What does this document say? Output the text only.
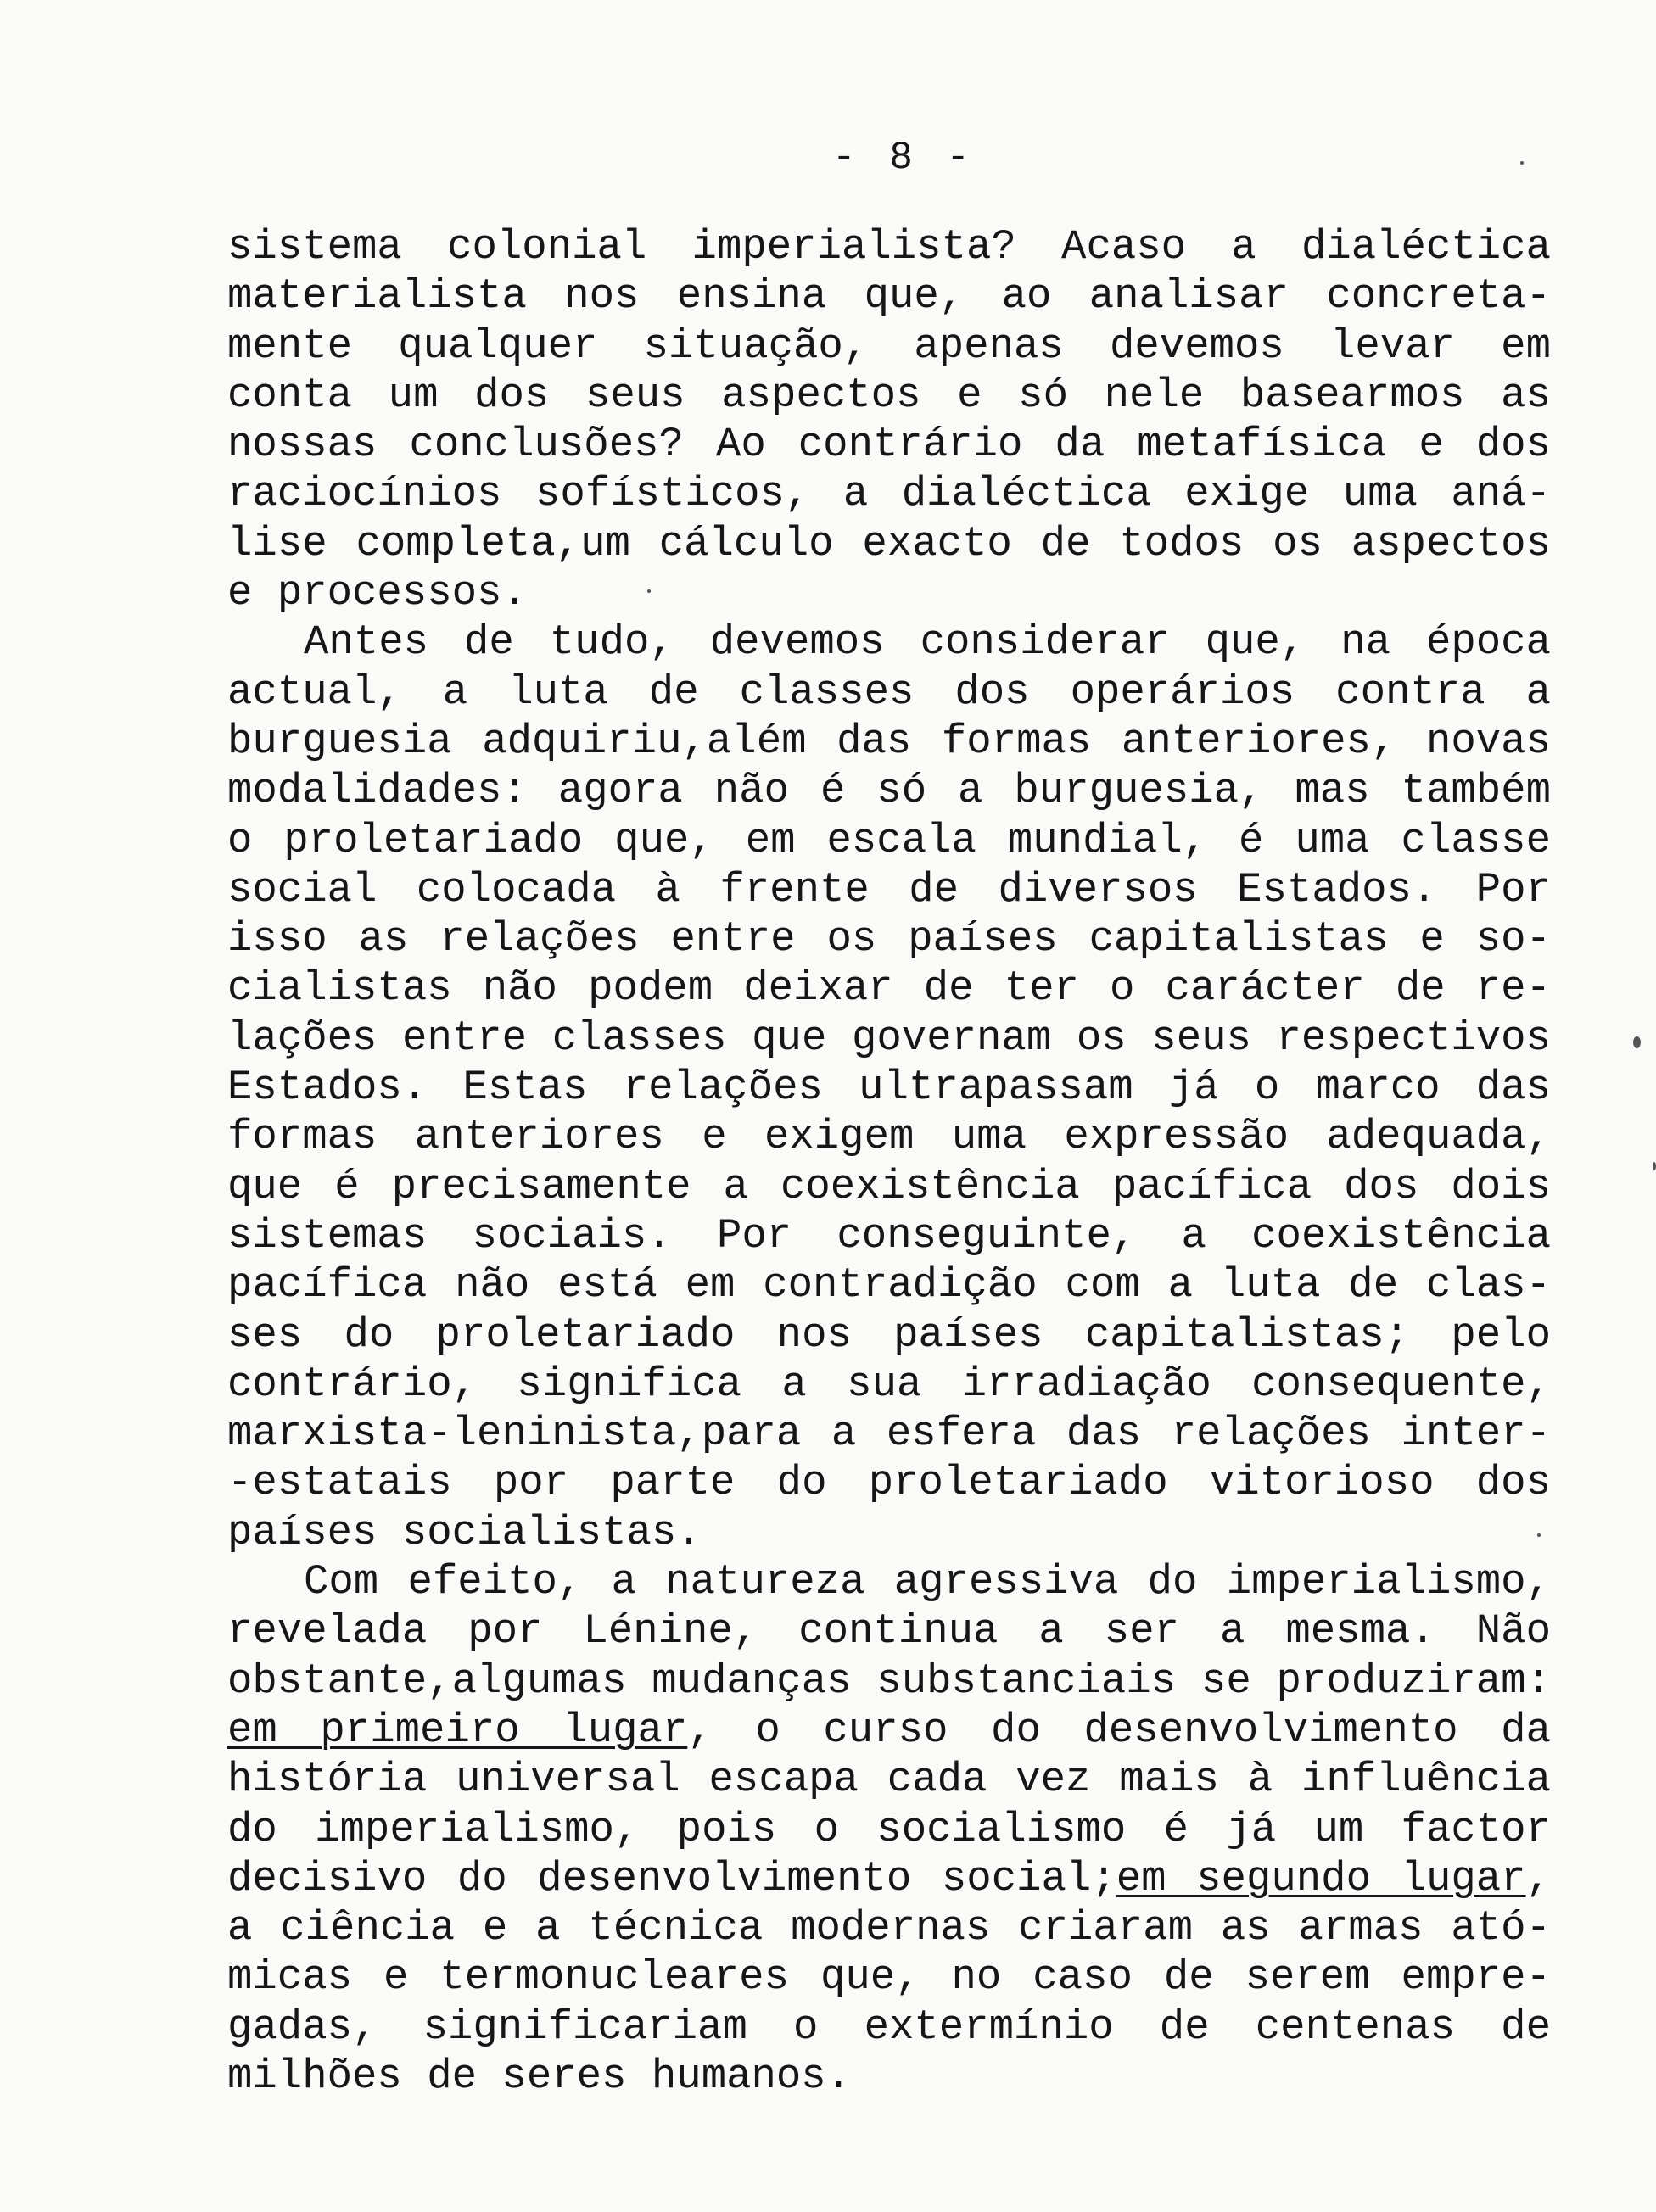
- 8 -
sistema colonial imperialista? Acaso a dialéctica
materialista nos ensina que, ao analisar concreta-
mente qualquer situação, apenas devemos levar em
conta um dos seus aspectos e só nele basearmos as
nossas conclusões? Ao contrário da metafísica e dos
raciocínios sofísticos, a dialéctica exige uma aná-
lise completa,um cálculo exacto de todos os aspectos
e processos.
Antes de tudo, devemos considerar que, na época
actual, a luta de classes dos operários contra a
burguesia adquiriu,além das formas anteriores, novas
modalidades: agora não é só a burguesia, mas também
o proletariado que, em escala mundial, é uma classe
social colocada à frente de diversos Estados. Por
isso as relações entre os países capitalistas e so-
cialistas não podem deixar de ter o carácter de re-
lações entre classes que governam os seus respectivos
Estados. Estas relações ultrapassam já o marco das
formas anteriores e exigem uma expressão adequada,
que é precisamente a coexistência pacífica dos dois
sistemas sociais. Por conseguinte, a coexistência
pacífica não está em contradição com a luta de clas-
ses do proletariado nos países capitalistas; pelo
contrário, significa a sua irradiação consequente,
marxista-leninista,para a esfera das relações inter-
-estatais por parte do proletariado vitorioso dos
países socialistas.
Com efeito, a natureza agressiva do imperialismo,
revelada por Lénine, continua a ser a mesma. Não
obstante,algumas mudanças substanciais se produziram:
em primeiro lugar, o curso do desenvolvimento da
história universal escapa cada vez mais à influência
do imperialismo, pois o socialismo é já um factor
decisivo do desenvolvimento social;em segundo lugar,
a ciência e a técnica modernas criaram as armas ató-
micas e termonucleares que, no caso de serem empre-
gadas, significariam o extermínio de centenas de
milhões de seres humanos.
